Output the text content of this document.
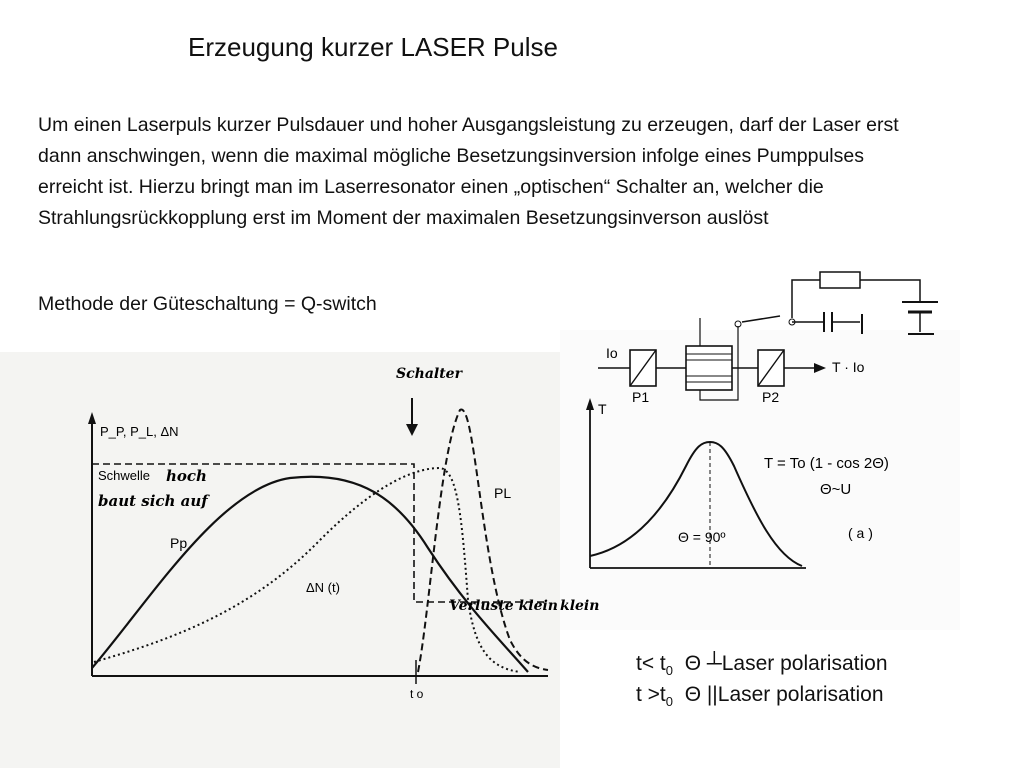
Erzeugung kurzer LASER Pulse
Um einen Laserpuls kurzer Pulsdauer und hoher Ausgangsleistung zu erzeugen, darf der Laser erst dann anschwingen, wenn die maximal mögliche Besetzungsinversion infolge eines Pumppulses erreicht ist. Hierzu bringt man im Laserresonator einen „optischen“ Schalter an, welcher die Strahlungsrückkopplung erst im Moment der maximalen Besetzungsinverson auslöst
Methode der Güteschaltung = Q-switch
P_P, P_L, ΔN
Schwelle hoch
baut sich auf
Schalter
Verluste klein
Pp
PL
ΔN (t)
t o
klein
Io
T · Io
P1	P2
T
T = To (1 - cos 2Θ)
Θ~U
Θ = 90º	( a )
$t< t_0$ Θ ┴Laser polarisation
$t >t_0$ Θ ||Laser polarisation
